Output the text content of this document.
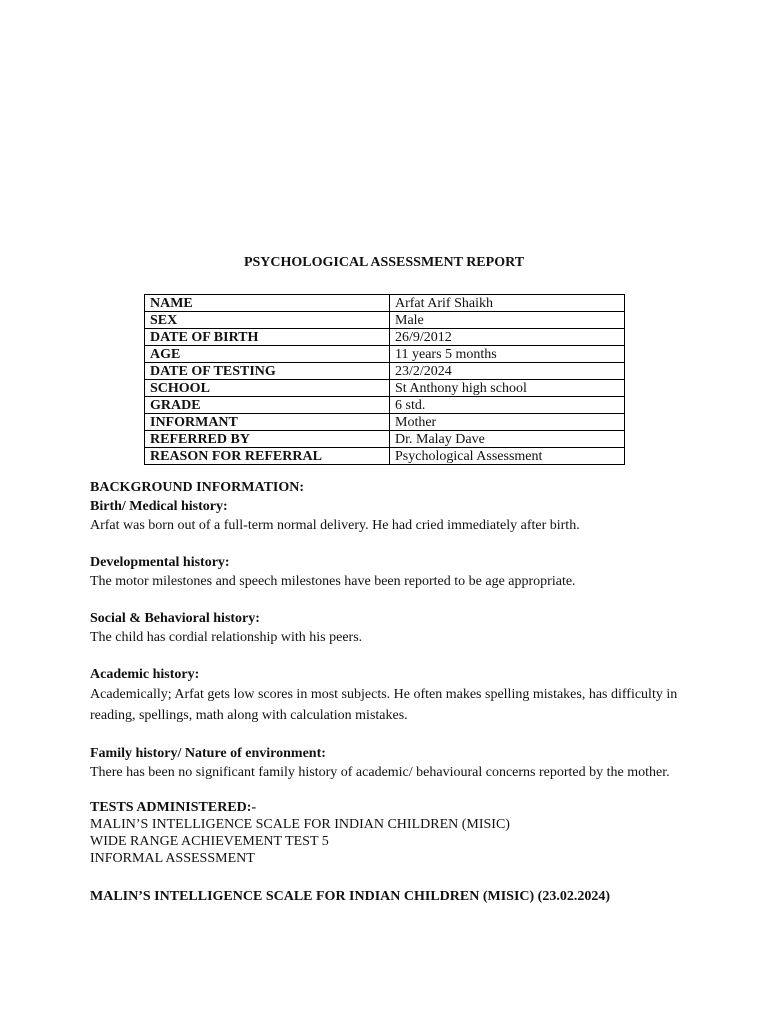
PSYCHOLOGICAL ASSESSMENT REPORT
NAME	Arfat Arif Shaikh
SEX	Male
DATE OF BIRTH	26/9/2012
AGE	11 years 5 months
DATE OF TESTING	23/2/2024
SCHOOL	St Anthony high school
GRADE	6 std.
INFORMANT	Mother
REFERRED BY	Dr. Malay Dave
REASON FOR REFERRAL	Psychological Assessment

BACKGROUND INFORMATION:

Birth/ Medical history:

Arfat was born out of a full-term normal delivery. He had cried immediately after birth.

Developmental history:

The motor milestones and speech milestones have been reported to be age appropriate.

Social & Behavioral history:

The child has cordial relationship with his peers.

Academic history:

Academically; Arfat gets low scores in most subjects. He often makes spelling mistakes, has difficulty in

reading, spellings, math along with calculation mistakes.

Family history/ Nature of environment:

There has been no significant family history of academic/ behavioural concerns reported by the mother.

TESTS ADMINISTERED:-

MALIN’S INTELLIGENCE SCALE FOR INDIAN CHILDREN (MISIC)

WIDE RANGE ACHIEVEMENT TEST 5

INFORMAL ASSESSMENT

MALIN’S INTELLIGENCE SCALE FOR INDIAN CHILDREN (MISIC) (23.02.2024)
